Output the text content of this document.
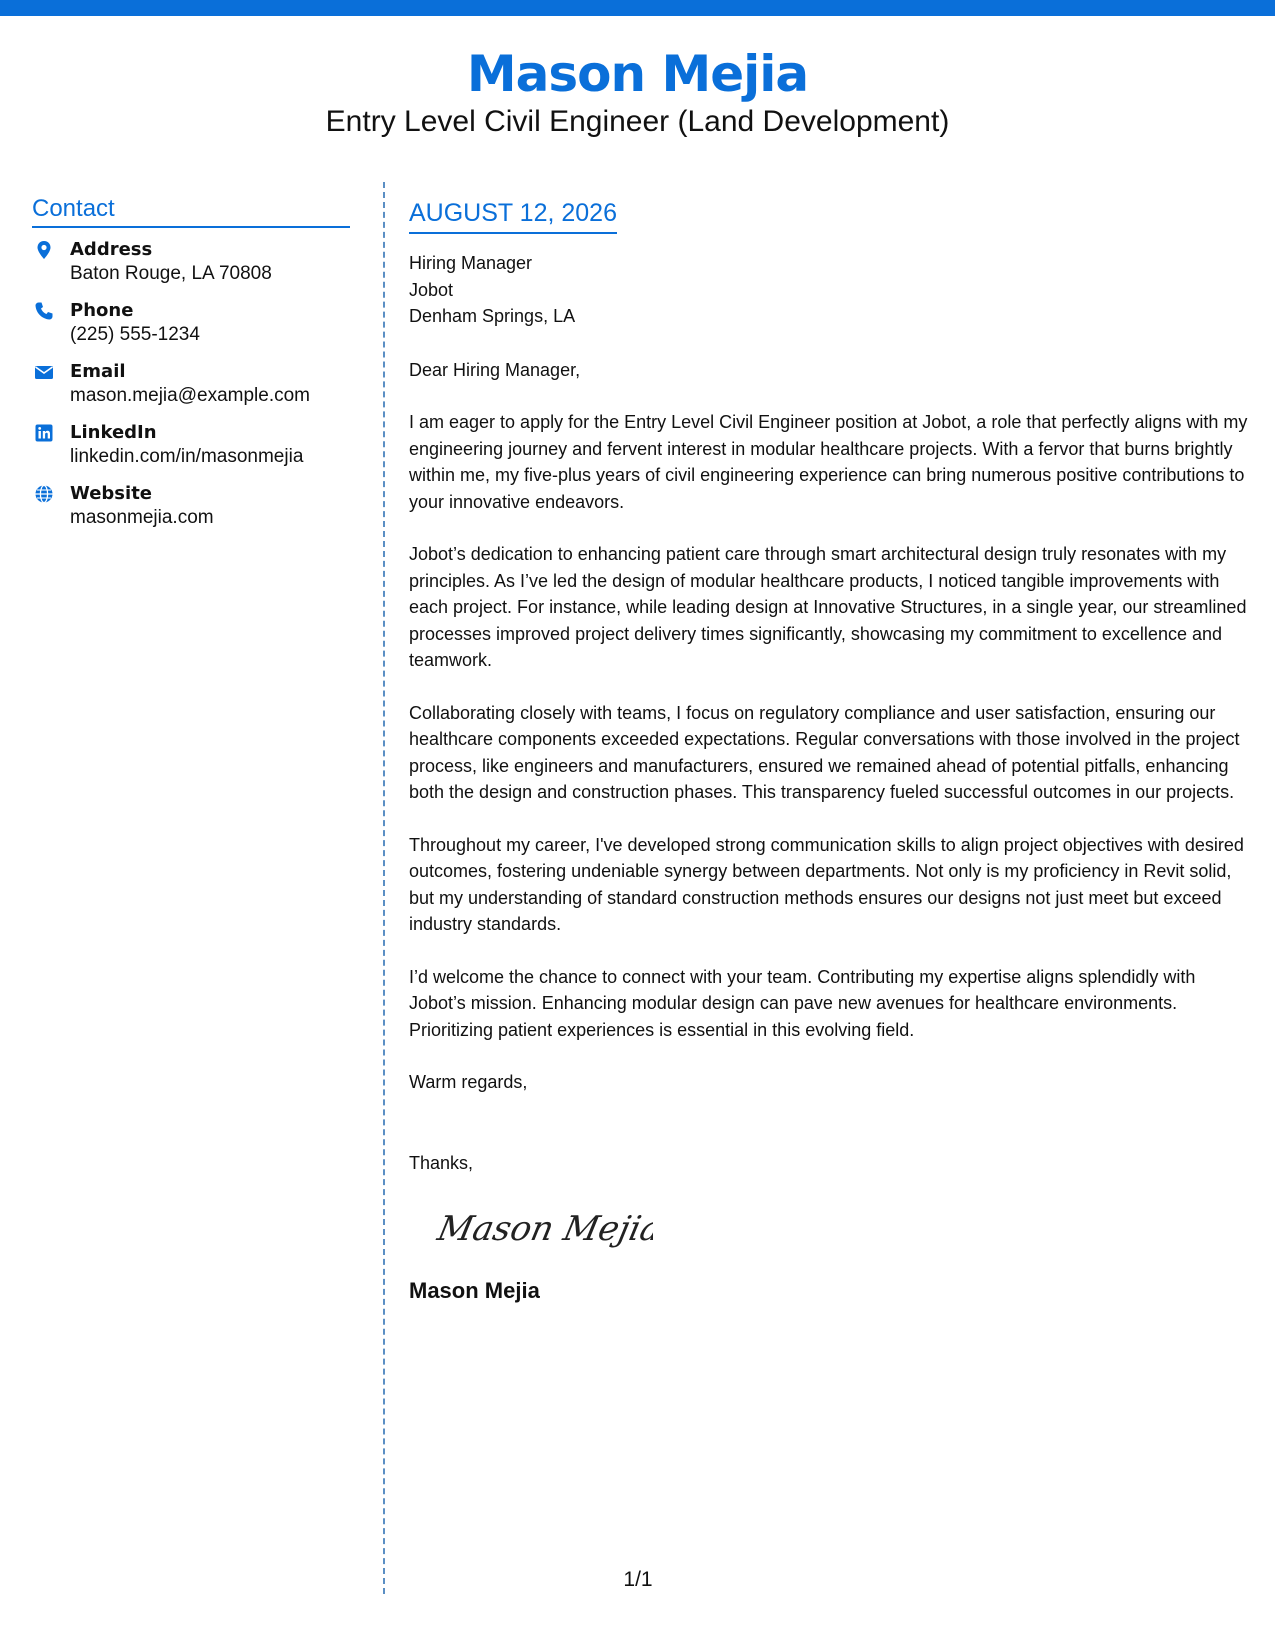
Mason Mejia
Entry Level Civil Engineer (Land Development)
Contact
Address
Baton Rouge, LA 70808
Phone
(225) 555-1234
Email
mason.mejia@example.com
LinkedIn
linkedin.com/in/masonmejia
Website
masonmejia.com
AUGUST 12, 2026
Hiring Manager
Jobot
Denham Springs, LA
Dear Hiring Manager,
I am eager to apply for the Entry Level Civil Engineer position at Jobot, a role that perfectly aligns with my engineering journey and fervent interest in modular healthcare projects. With a fervor that burns brightly within me, my five-plus years of civil engineering experience can bring numerous positive contributions to your innovative endeavors.
Jobot’s dedication to enhancing patient care through smart architectural design truly resonates with my principles. As I’ve led the design of modular healthcare products, I noticed tangible improvements with each project. For instance, while leading design at Innovative Structures, in a single year, our streamlined processes improved project delivery times significantly, showcasing my commitment to excellence and teamwork.
Collaborating closely with teams, I focus on regulatory compliance and user satisfaction, ensuring our healthcare components exceeded expectations. Regular conversations with those involved in the project process, like engineers and manufacturers, ensured we remained ahead of potential pitfalls, enhancing both the design and construction phases. This transparency fueled successful outcomes in our projects.
Throughout my career, I've developed strong communication skills to align project objectives with desired outcomes, fostering undeniable synergy between departments. Not only is my proficiency in Revit solid, but my understanding of standard construction methods ensures our designs not just meet but exceed industry standards.
I’d welcome the chance to connect with your team. Contributing my expertise aligns splendidly with Jobot’s mission. Enhancing modular design can pave new avenues for healthcare environments. Prioritizing patient experiences is essential in this evolving field.
Warm regards,
Thanks,
Mason Mejia
Mason Mejia
1/1
